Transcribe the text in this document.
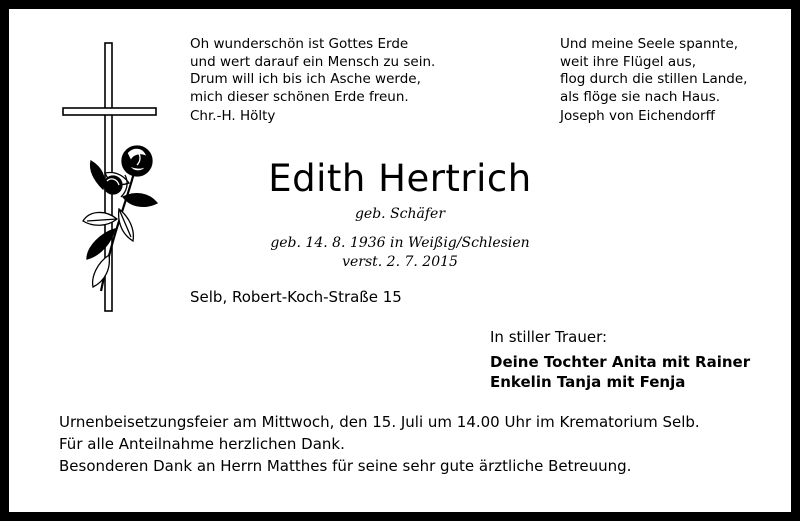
Oh wunderschön ist Gottes Erde
und wert darauf ein Mensch zu sein.
Drum will ich bis ich Asche werde,
mich dieser schönen Erde freun.
Chr.-H. Hölty
Und meine Seele spannte,
weit ihre Flügel aus,
flog durch die stillen Lande,
als flöge sie nach Haus.
Joseph von Eichendorff
Edith Hertrich
geb. Schäfer
geb. 14. 8. 1936 in Weißig/Schlesien
verst. 2. 7. 2015
Selb, Robert-Koch-Straße 15
In stiller Trauer:
Deine Tochter Anita mit Rainer
Enkelin Tanja mit Fenja
Urnenbeisetzungsfeier am Mittwoch, den 15. Juli um 14.00 Uhr im Krematorium Selb.
Für alle Anteilnahme herzlichen Dank.
Besonderen Dank an Herrn Matthes für seine sehr gute ärztliche Betreuung.
